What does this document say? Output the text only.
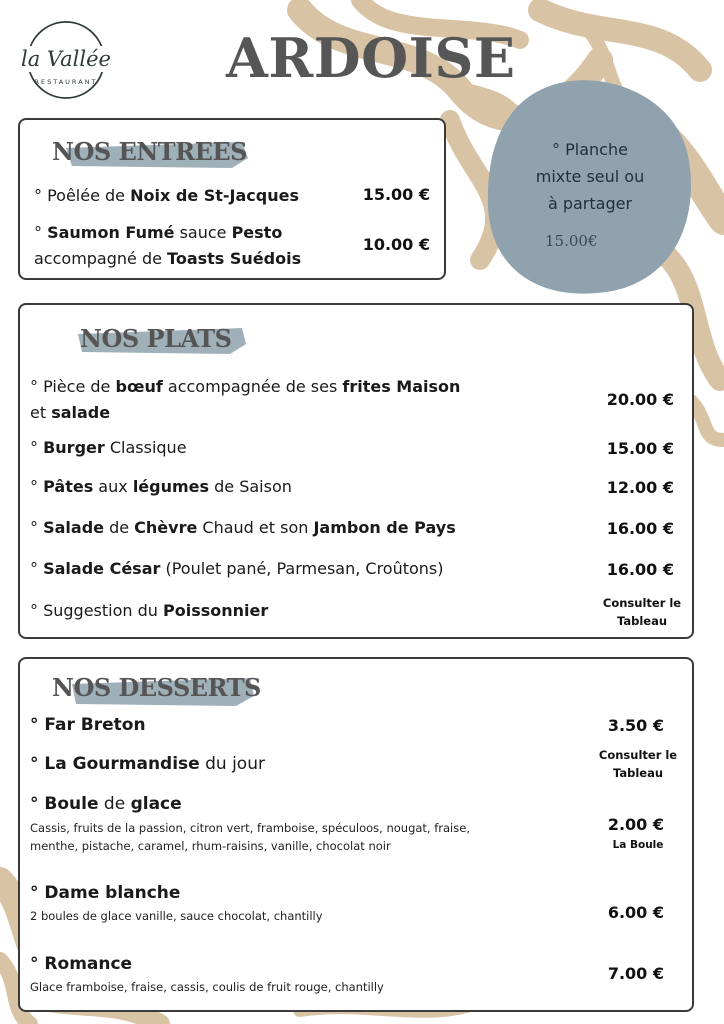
la Vallée
RESTAURANT ARDOISE
° Planche
mixte seul ou
à partager
15.00€
NOS ENTREES
° Poêlée de Noix de St-Jacques	15.00 €
° Saumon Fumé sauce Pesto
accompagné de Toasts Suédois
10.00 €
NOS PLATS
° Pièce de bœuf accompagnée de ses frites Maison
et salade
20.00 €
° Burger Classique	15.00 €
° Pâtes aux légumes de Saison	12.00 €
° Salade de Chèvre Chaud et son Jambon de Pays	16.00 €
° Salade César (Poulet pané, Parmesan, Croûtons)	16.00 €
° Suggestion du Poissonnier	Consulter le
Tableau
NOS DESSERTS
° Far Breton	3.50 €
° La Gourmandise du jour	Consulter le
Tableau
° Boule de glace
Cassis, fruits de la passion, citron vert, framboise, spéculoos, nougat, fraise,
menthe, pistache, caramel, rhum-raisins, vanille, chocolat noir
2.00 €
La Boule
° Dame blanche
2 boules de glace vanille, sauce chocolat, chantilly	6.00 €
° Romance
Glace framboise, fraise, cassis, coulis de fruit rouge, chantilly
7.00 €
